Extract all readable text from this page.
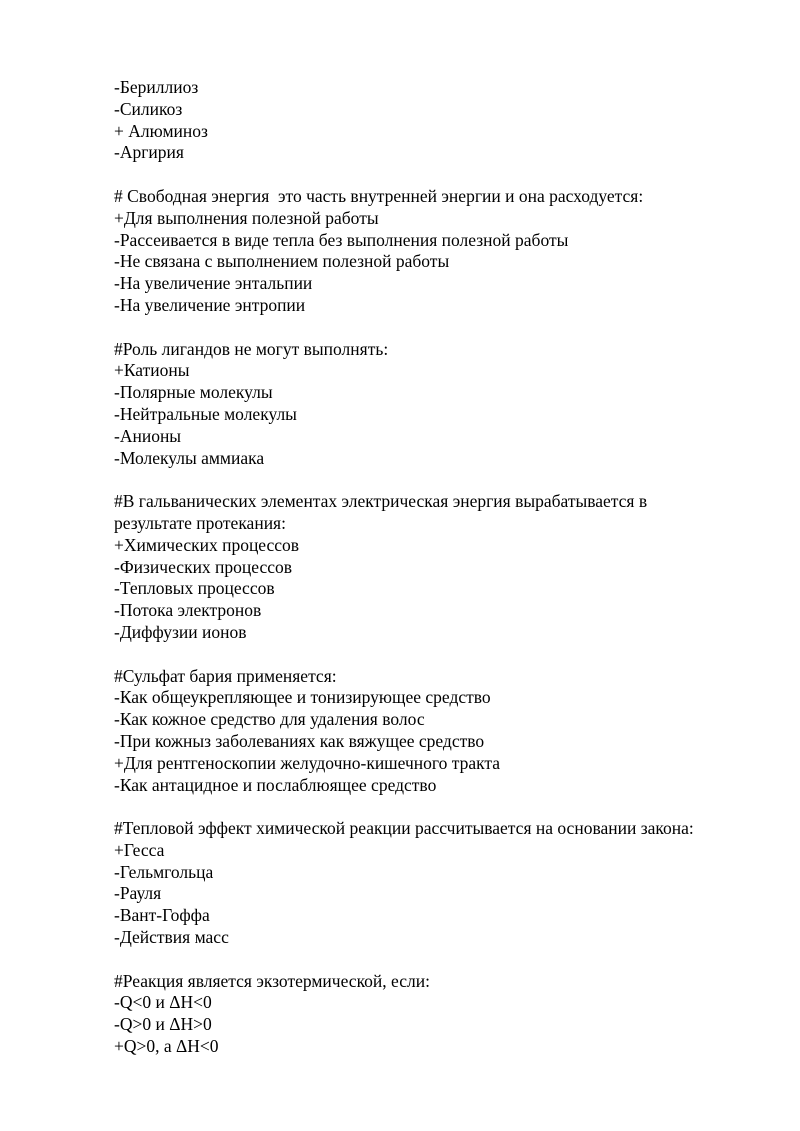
-Бериллиоз
-Силикоз
+ Алюминоз
-Аргирия
# Свободная энергия  это часть внутренней энергии и она расходуется:
+Для выполнения полезной работы
-Рассеивается в виде тепла без выполнения полезной работы
-Не связана с выполнением полезной работы
-На увеличение энтальпии
-На увеличение энтропии
#Роль лигандов не могут выполнять:
+Катионы
-Полярные молекулы
-Нейтральные молекулы
-Анионы
-Молекулы аммиака
#В гальванических элементах электрическая энергия вырабатывается в
результате протекания:
+Химических процессов
-Физических процессов
-Тепловых процессов
-Потока электронов
-Диффузии ионов
#Сульфат бария применяется:
-Как общеукрепляющее и тонизирующее средство
-Как кожное средство для удаления волос
-При кожныз заболеваниях как вяжущее средство
+Для рентгеноскопии желудочно-кишечного тракта
-Как антацидное и послаблюящее средство
#Тепловой эффект химической реакции рассчитывается на основании закона:
+Гесса
-Гельмгольца
-Рауля
-Вант-Гоффа
-Действия масс
#Реакция является экзотермической, если:
-Q<0 и ΔH<0
-Q>0 и ΔH>0
+Q>0, а ΔH<0
